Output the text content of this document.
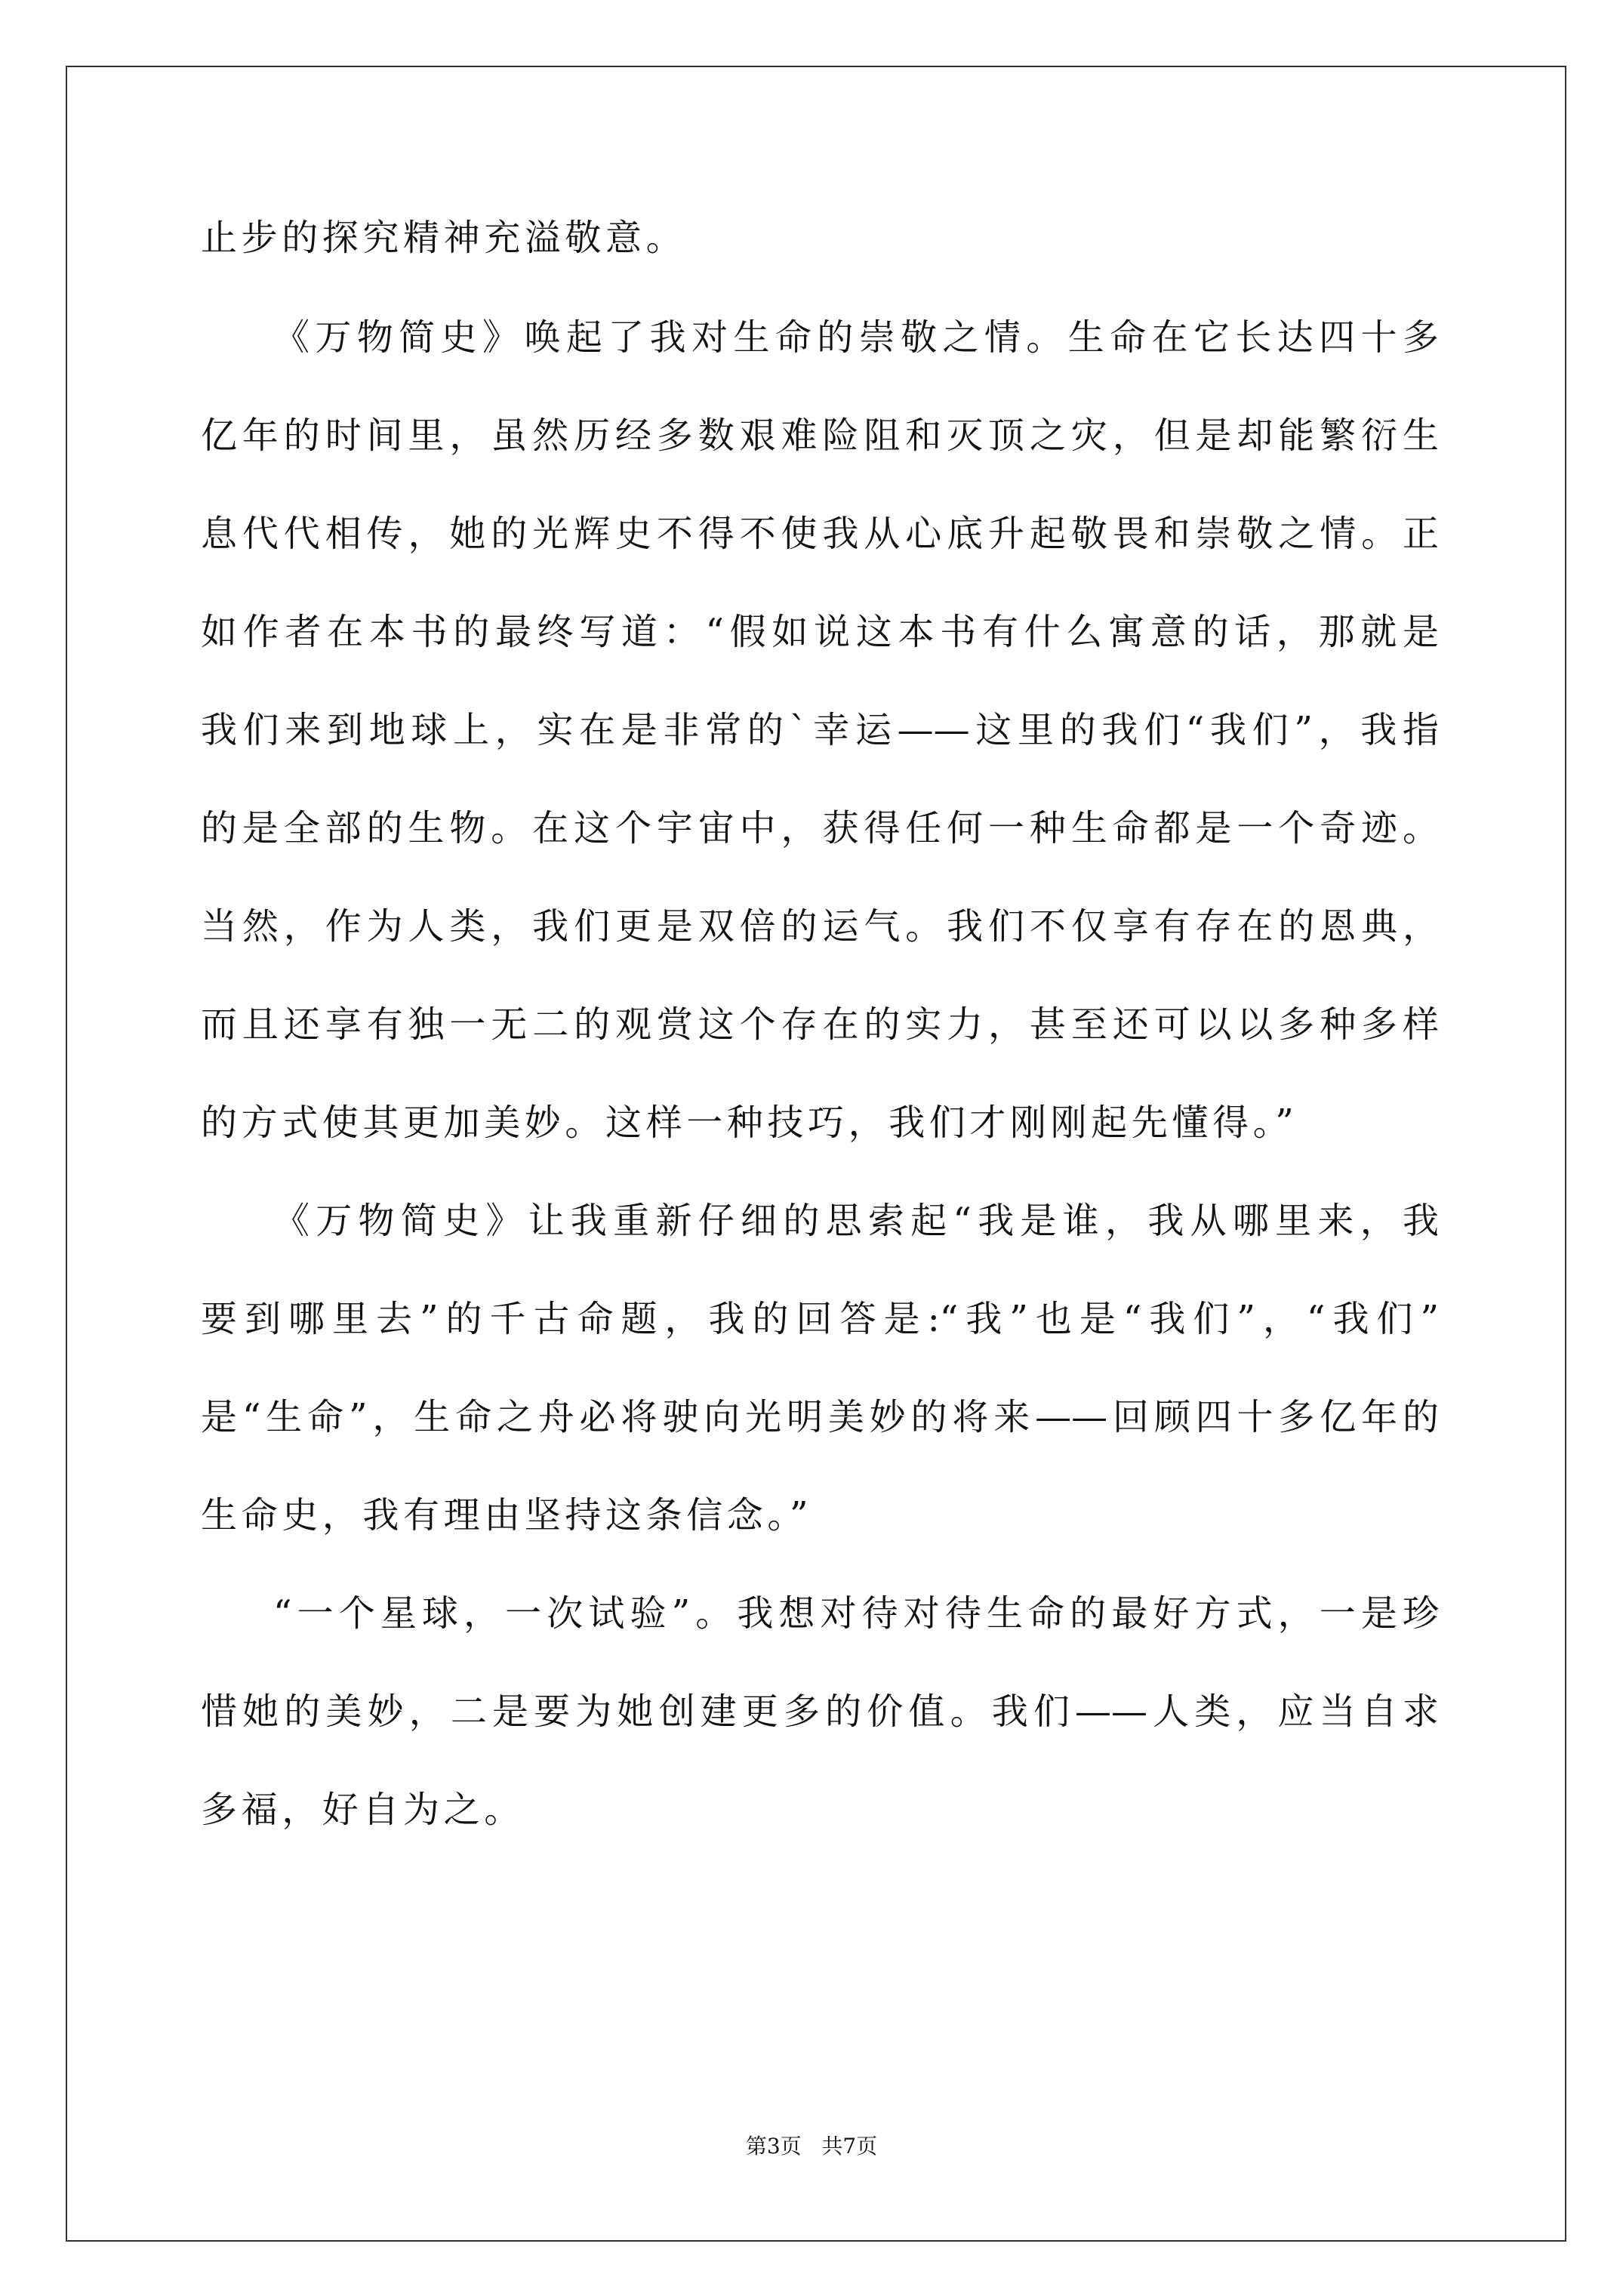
止步的探究精神充溢敬意。
《万物简史》唤起了我对生命的崇敬之情。生命在它长达四十多
亿年的时间里，虽然历经多数艰难险阻和灭顶之灾，但是却能繁衍生
息代代相传，她的光辉史不得不使我从心底升起敬畏和崇敬之情。正
如作者在本书的最终写道：“假如说这本书有什么寓意的话，那就是
我们来到地球上，实在是非常的`幸运——这里的我们“我们”，我指
的是全部的生物。在这个宇宙中，获得任何一种生命都是一个奇迹。
当然，作为人类，我们更是双倍的运气。我们不仅享有存在的恩典，
而且还享有独一无二的观赏这个存在的实力，甚至还可以以多种多样
的方式使其更加美妙。这样一种技巧，我们才刚刚起先懂得。”
《万物简史》让我重新仔细的思索起“我是谁，我从哪里来，我
要到哪里去”的千古命题，我的回答是:“我”也是“我们”，“我们”
是“生命”，生命之舟必将驶向光明美妙的将来——回顾四十多亿年的
生命史，我有理由坚持这条信念。”
“一个星球，一次试验”。我想对待对待生命的最好方式，一是珍
惜她的美妙，二是要为她创建更多的价值。我们——人类，应当自求
多福，好自为之。
第3页   共7页
